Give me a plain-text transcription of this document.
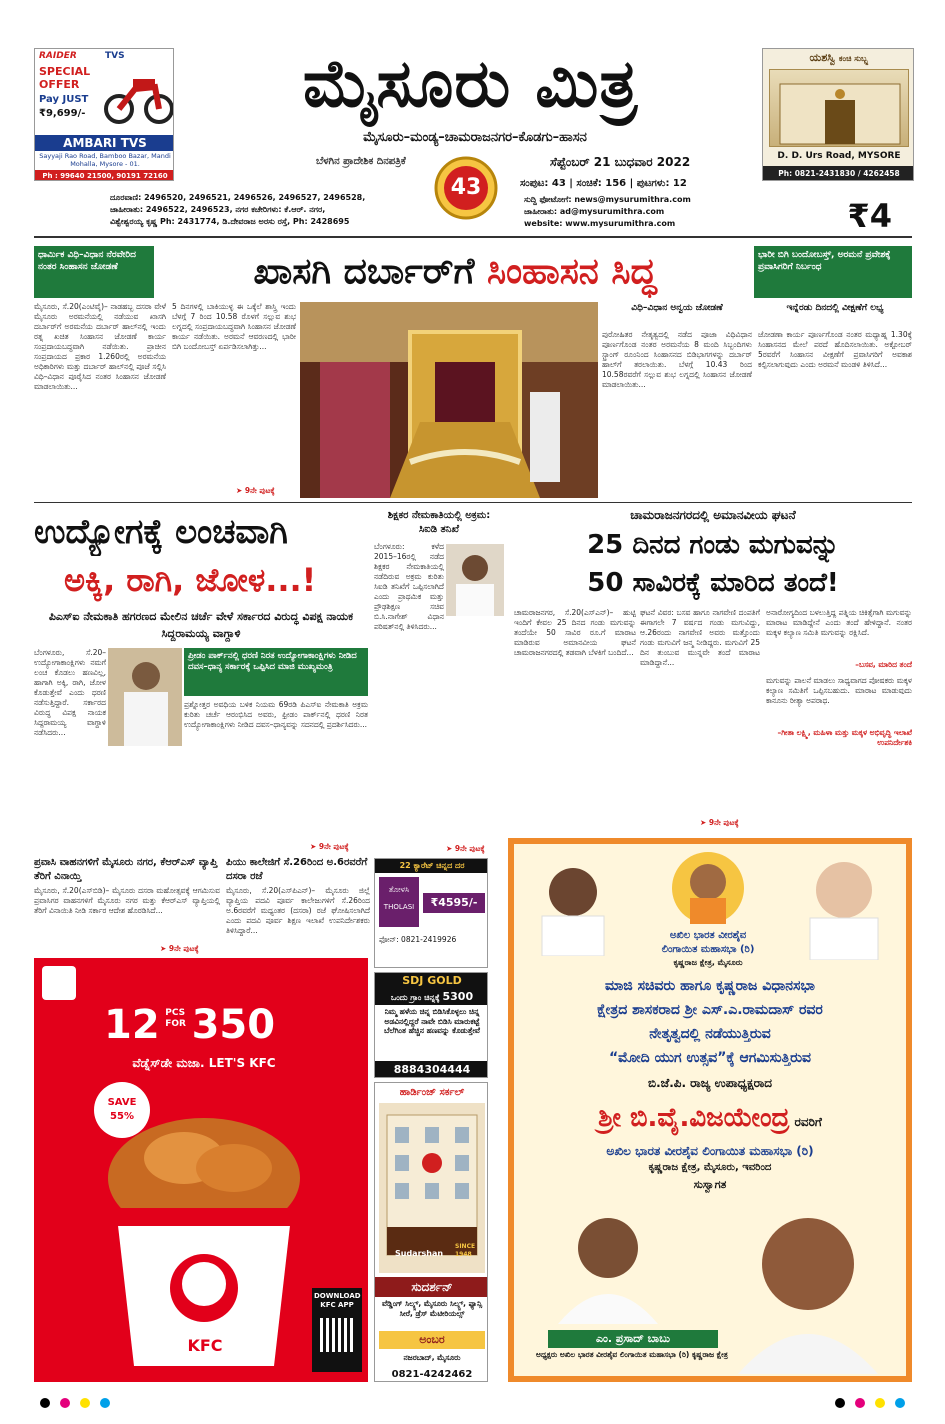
RAIDER	TVS
SPECIAL OFFER
Pay JUST
₹9,699/-
AMBARI TVS
Sayyaji Rao Road, Bamboo Bazar, Mandi Mohalla, Mysore - 01.
Ph : 99640 21500, 90191 72160
ಮೈಸೂರು ಮಿತ್ರ
ಮೈಸೂರು–ಮಂಡ್ಯ–ಚಾಮರಾಜನಗರ–ಕೊಡಗು–ಹಾಸನ
ಬೆಳಗಿನ ಪ್ರಾದೇಶಿಕ ದಿನಪತ್ರಿಕೆ
43
ಸೆಪ್ಟೆಂಬರ್ 21 ಬುಧವಾರ 2022
ಸಂಪುಟ: 43 | ಸಂಚಿಕೆ: 156 | ಪುಟಗಳು: 12
ಯಶಸ್ವಿ ಕಂಚಿ ಸುಬ್ಬ್ಲ
D. D. Urs Road, MYSORE
Ph: 0821-2431830 / 4262458
ದೂರವಾಣಿ: 2496520, 2496521, 2496526, 2496527, 2496528,
ಜಾಹೀರಾತು: 2496522, 2496523, ನಗರ ಕಚೇರಿಗಳು: ಕೆ.ಆರ್. ನಗರ,
ವಿಶ್ವೇಶ್ವರಯ್ಯ ಕೃಷ್ಣ Ph: 2431774, ಡಿ.ದೇವರಾಜ ಅರಸು ರಸ್ತೆ, Ph: 2428695
ಸುದ್ದಿ ಫೋಟೋಗೆ: news@mysurumithra.com
ಜಾಹೀರಾತು: ad@mysurumithra.com
website: www.mysurumithra.com	₹4
ಧಾರ್ಮಿಕ ವಿಧಿ–ವಿಧಾನ ನೆರವೇರಿದ ನಂತರ ಸಿಂಹಾಸನ ಜೋಡಣೆ	ಖಾಸಗಿ ದರ್ಬಾರ್‌ಗೆ ಸಿಂಹಾಸನ ಸಿದ್ಧ	ಭಾರೀ ಬಿಗಿ ಬಂದೋಬಸ್ತ್, ಅರಮನೆ ಪ್ರವೇಶಕ್ಕೆ ಪ್ರವಾಸಿಗರಿಗೆ ನಿರ್ಬಂಧ
ಮೈಸೂರು, ಸೆ.20(ಎಂಟಿವೈ)– ನಾಡಹಬ್ಬ ದಸರಾ ವೇಳೆ ಮೈಸೂರು ಅರಮನೆಯಲ್ಲಿ ನಡೆಯುವ ಖಾಸಗಿ ದರ್ಬಾರ್‌ಗೆ ಅರಮನೆಯ ದರ್ಬಾರ್ ಹಾಲ್‌ನಲ್ಲಿ ಇಂದು ರತ್ನ ಖಚಿತ ಸಿಂಹಾಸನ ಜೋಡಣೆ ಕಾರ್ಯ ಸಂಪ್ರದಾಯಬದ್ಧವಾಗಿ ನಡೆಯಿತು. ಪ್ರಾಚೀನ ಸಂಪ್ರದಾಯದ ಪ್ರಕಾರ 1.260ರಲ್ಲಿ ಅರಮನೆಯ ಅಧಿಕಾರಿಗಳು ಮತ್ತು ದರ್ಬಾರ್ ಹಾಲ್‌ನಲ್ಲಿ ಪೂಜೆ ಸಲ್ಲಿಸಿ ವಿಧಿ–ವಿಧಾನ ಪೂರೈಸಿದ ನಂತರ ಸಿಂಹಾಸನ ಜೋಡಣೆ ಮಾಡಲಾಯಿತು...
5 ದಿನಗಳಲ್ಲಿ ಬಾಕಿಯುಳ್ಳ ಈ ಒಕ್ಕೆಲೆ ಶಾಸ್ತ್ರಿ ಇಂದು ಬೆಳಗ್ಗೆ 7 ರಿಂದ 10.58 ರೊಳಗೆ ಸಲ್ಲುವ ಶುಭ ಲಗ್ನದಲ್ಲಿ ಸಂಪ್ರದಾಯಬದ್ಧವಾಗಿ ಸಿಂಹಾಸನ ಜೋಡಣೆ ಕಾರ್ಯ ನಡೆಯಿತು. ಅರಮನೆ ಆವರಣದಲ್ಲಿ ಭಾರೀ ಬಿಗಿ ಬಂದೋಬಸ್ತ್ ಏರ್ಪಡಿಸಲಾಗಿತ್ತು...
➤ 9ನೇ ಪುಟಕ್ಕೆ
ವಿಧಿ–ವಿಧಾನ ಅನ್ವಯ ಜೋಡಣೆ
ಪುರೋಹಿತರ ನೇತೃತ್ವದಲ್ಲಿ ನಡೆದ ಪೂಜಾ ವಿಧಿವಿಧಾನ ಪೂರ್ಣಗೊಂಡ ನಂತರ ಅರಮನೆಯ 8 ಮಂದಿ ಸಿಬ್ಬಂದಿಗಳು ಸ್ಟ್ರಾಂಗ್ ರೂಂನಿಂದ ಸಿಂಹಾಸನದ ಬಿಡಿಭಾಗಗಳನ್ನು ದರ್ಬಾರ್ ಹಾಲ್‌ಗೆ ತರಲಾಯಿತು. ಬೆಳಗ್ಗೆ 10.43 ರಿಂದ 10.58ರವರೆಗೆ ಸಲ್ಲುವ ಶುಭ ಲಗ್ನದಲ್ಲಿ ಸಿಂಹಾಸನ ಜೋಡಣೆ ಮಾಡಲಾಯಿತು...
ಇನ್ನೆರಡು ದಿನದಲ್ಲಿ ವೀಕ್ಷಣೆಗೆ ಲಭ್ಯ
ಜೋಡಣಾ ಕಾರ್ಯ ಪೂರ್ಣಗೊಂಡ ನಂತರ ಮಧ್ಯಾಹ್ನ 1.30ಕ್ಕೆ ಸಿಂಹಾಸನದ ಮೇಲೆ ಪರದೆ ಹೊದಿಸಲಾಯಿತು. ಅಕ್ಟೋಬರ್ 5ರವರೆಗೆ ಸಿಂಹಾಸನ ವೀಕ್ಷಣೆಗೆ ಪ್ರವಾಸಿಗರಿಗೆ ಅವಕಾಶ ಕಲ್ಪಿಸಲಾಗುವುದು ಎಂದು ಅರಮನೆ ಮಂಡಳಿ ತಿಳಿಸಿದೆ...
ಉದ್ಯೋಗಕ್ಕೆ ಲಂಚವಾಗಿ
ಅಕ್ಕಿ, ರಾಗಿ, ಜೋಳ...!
ಪಿಎಸ್‌ಐ ನೇಮಕಾತಿ ಹಗರಣದ ಮೇಲಿನ ಚರ್ಚೆ ವೇಳೆ ಸರ್ಕಾರದ ವಿರುದ್ಧ ವಿಪಕ್ಷ ನಾಯಕ ಸಿದ್ದರಾಮಯ್ಯ ವಾಗ್ದಾಳಿ
ಪ್ರೀಡಂ ಪಾರ್ಕ್‌ನಲ್ಲಿ ಧರಣಿ ನಿರತ ಉದ್ಯೋಗಾಕಾಂಕ್ಷಿಗಳು ನೀಡಿದ ದವಸ–ಧಾನ್ಯ ಸರ್ಕಾರಕ್ಕೆ ಒಪ್ಪಿಸಿದ ಮಾಜಿ ಮುಖ್ಯಮಂತ್ರಿ
ಬೆಂಗಳೂರು, ಸೆ.20– ಉದ್ಯೋಗಾಕಾಂಕ್ಷಿಗಳು ನಮಗೆ ಲಂಚ ಕೊಡಲು ಹಣವಿಲ್ಲ, ಹಾಗಾಗಿ ಅಕ್ಕಿ, ರಾಗಿ, ಜೋಳ ಕೊಡುತ್ತೇವೆ ಎಂದು ಧರಣಿ ನಡೆಸುತ್ತಿದ್ದಾರೆ. ಸರ್ಕಾರದ ವಿರುದ್ಧ ವಿಪಕ್ಷ ನಾಯಕ ಸಿದ್ದರಾಮಯ್ಯ ವಾಗ್ದಾಳಿ ನಡೆಸಿದರು...
ಪ್ರಶ್ನೋತ್ತರ ಅವಧಿಯ ಬಳಿಕ ನಿಯಮ 69ರಡಿ ಪಿಎಸ್‌ಐ ನೇಮಕಾತಿ ಅಕ್ರಮ ಕುರಿತು ಚರ್ಚೆ ಆರಂಭಿಸಿದ ಅವರು, ಫ್ರೀಡಂ ಪಾರ್ಕ್‌ನಲ್ಲಿ ಧರಣಿ ನಿರತ ಉದ್ಯೋಗಾಕಾಂಕ್ಷಿಗಳು ನೀಡಿದ ದವಸ–ಧಾನ್ಯವನ್ನು ಸದನದಲ್ಲಿ ಪ್ರದರ್ಶಿಸಿದರು...
➤ 9ನೇ ಪುಟಕ್ಕೆ
ಶಿಕ್ಷಕರ ನೇಮಕಾತಿಯಲ್ಲಿ ಅಕ್ರಮ:
ಸಿಐಡಿ ತನಿಖೆ
ಬೆಂಗಳೂರು: ಕಳೆದ 2015–16ರಲ್ಲಿ ನಡೆದ ಶಿಕ್ಷಕರ ನೇಮಕಾತಿಯಲ್ಲಿ ನಡೆದಿರುವ ಅಕ್ರಮ ಕುರಿತು ಸಿಐಡಿ ತನಿಖೆಗೆ ಒಪ್ಪಿಸಲಾಗಿದೆ ಎಂದು ಪ್ರಾಥಮಿಕ ಮತ್ತು ಪ್ರೌಢಶಿಕ್ಷಣ ಸಚಿವ ಬಿ.ಸಿ.ನಾಗೇಶ್ ವಿಧಾನ ಪರಿಷತ್‌ನಲ್ಲಿ ತಿಳಿಸಿದರು...
➤ 9ನೇ ಪುಟಕ್ಕೆ
ಚಾಮರಾಜನಗರದಲ್ಲಿ ಅಮಾನವೀಯ ಘಟನೆ
25 ದಿನದ ಗಂಡು ಮಗುವನ್ನು
50 ಸಾವಿರಕ್ಕೆ ಮಾರಿದ ತಂದೆ!
ಚಾಮರಾಜನಗರ, ಸೆ.20(ಎಸ್‌ಎನ್)– ಹುಟ್ಟಿ ಇಂದಿಗೆ ಕೇವಲ 25 ದಿನದ ಗಂಡು ಮಗುವನ್ನು ತಂದೆಯೇ 50 ಸಾವಿರ ರೂ.ಗೆ ಮಾರಾಟ ಮಾಡಿರುವ ಅಮಾನವೀಯ ಘಟನೆ ಚಾಮರಾಜನಗರದಲ್ಲಿ ತಡವಾಗಿ ಬೆಳಕಿಗೆ ಬಂದಿದೆ...
ಘಟನೆ ವಿವರ: ಬಸವ ಹಾಗೂ ನಾಗವೇಣಿ ದಂಪತಿಗೆ ಈಗಾಗಲೇ 7 ವರ್ಷದ ಗಂಡು ಮಗುವಿದ್ದು, ಆ.26ರಂದು ನಾಗವೇಣಿ ಅವರು ಮತ್ತೊಂದು ಗಂಡು ಮಗುವಿಗೆ ಜನ್ಮ ನೀಡಿದ್ದರು. ಮಗುವಿಗೆ 25 ದಿನ ತುಂಬುವ ಮುನ್ನವೇ ತಂದೆ ಮಾರಾಟ ಮಾಡಿದ್ದಾನೆ...
➤ 9ನೇ ಪುಟಕ್ಕೆ
ಅನಾರೋಗ್ಯದಿಂದ ಬಳಲುತ್ತಿದ್ದ ಪತ್ನಿಯ ಚಿಕಿತ್ಸೆಗಾಗಿ ಮಗುವನ್ನು ಮಾರಾಟ ಮಾಡಿದ್ದೇನೆ ಎಂದು ತಂದೆ ಹೇಳಿದ್ದಾನೆ. ನಂತರ ಮಕ್ಕಳ ಕಲ್ಯಾಣ ಸಮಿತಿ ಮಗುವನ್ನು ರಕ್ಷಿಸಿದೆ.
–ಬಸವ, ಮಾರಿದ ತಂದೆ
ಮಗುವನ್ನು ಪಾಲನೆ ಮಾಡಲು ಸಾಧ್ಯವಾಗದ ಪೋಷಕರು ಮಕ್ಕಳ ಕಲ್ಯಾಣ ಸಮಿತಿಗೆ ಒಪ್ಪಿಸಬಹುದು. ಮಾರಾಟ ಮಾಡುವುದು ಕಾನೂನು ರೀತ್ಯಾ ಅಪರಾಧ.
–ಗೀತಾ ಲಕ್ಷ್ಮಿ, ಮಹಿಳಾ ಮತ್ತು ಮಕ್ಕಳ ಅಭಿವೃದ್ಧಿ ಇಲಾಖೆ ಉಪನಿರ್ದೇಶಕಿ
ಪ್ರವಾಸಿ ವಾಹನಗಳಿಗೆ ಮೈಸೂರು ನಗರ, ಕೆಆರ್‌ಎಸ್ ವ್ಯಾಪ್ತಿ ತೆರಿಗೆ ವಿನಾಯ್ತಿ
ಮೈಸೂರು, ಸೆ.20(ಎಸ್‌ಬಿಡಿ)– ಮೈಸೂರು ದಸರಾ ಮಹೋತ್ಸವಕ್ಕೆ ಆಗಮಿಸುವ ಪ್ರವಾಸಿಗರ ವಾಹನಗಳಿಗೆ ಮೈಸೂರು ನಗರ ಮತ್ತು ಕೆಆರ್‌ಎಸ್ ವ್ಯಾಪ್ತಿಯಲ್ಲಿ ತೆರಿಗೆ ವಿನಾಯಿತಿ ನೀಡಿ ಸರ್ಕಾರ ಆದೇಶ ಹೊರಡಿಸಿದೆ...
➤ 9ನೇ ಪುಟಕ್ಕೆ
ಪಿಯು ಕಾಲೇಜಿಗೆ ಸೆ.26ರಿಂದ ಅ.6ರವರೆಗೆ ದಸರಾ ರಜೆ
ಮೈಸೂರು, ಸೆ.20(ಎಸ್‌ಪಿಎನ್)– ಮೈಸೂರು ಜಿಲ್ಲೆ ವ್ಯಾಪ್ತಿಯ ಪದವಿ ಪೂರ್ವ ಕಾಲೇಜುಗಳಿಗೆ ಸೆ.26ರಿಂದ ಅ.6ರವರೆಗೆ ಮಧ್ಯಂತರ (ದಸರಾ) ರಜೆ ಘೋಷಿಸಲಾಗಿದೆ ಎಂದು ಪದವಿ ಪೂರ್ವ ಶಿಕ್ಷಣ ಇಲಾಖೆ ಉಪನಿರ್ದೇಶಕರು ತಿಳಿಸಿದ್ದಾರೆ...
22 ಕ್ಯಾರೆಟ್ ಚಿನ್ನದ ದರ
ತೋಳಸಿ
THOLASI	₹4595/-
ಫೋನ್: 0821-2419926
SDJ GOLD
ಒಂದು ಗ್ರಾಂ ಚಿನ್ನಕ್ಕೆ 5300
ನಿಮ್ಮ ಹಳೆಯ ಚಿನ್ನ ಬಿಡಿಸಿಕೊಳ್ಳಲು ಚಿನ್ನ ಅಡವಿನಲ್ಲಿದ್ದರೆ ನಾವೇ ಬಿಡಿಸಿ ಮಾರುಕಟ್ಟೆ ಬೆಲೆಗಿಂತ ಹೆಚ್ಚಿನ ಹಣವನ್ನು ಕೊಡುತ್ತೇವೆ
8884304444
ಹಾರ್ಡಿಂಜ್ ಸರ್ಕಲ್
Sudarshan
SINCE 1948
ಸುದರ್ಶನ್
ವೆಡ್ಡಿಂಗ್ ಸಿಲ್ಕ್ಸ್, ಮೈಸೂರು ಸಿಲ್ಕ್ಸ್, ಫ್ಯಾನ್ಸಿ ಸೀರೆ, ಡ್ರೆಸ್ ಮೆಟೀರಿಯಲ್ಸ್
ಅಂಬರ
ನಜರಬಾದ್, ಮೈಸೂರು
0821-4242462
12 PCS
FOR 350
ವೆಡ್ನೆಸ್‌ಡೇ ಮಜಾ. LET'S KFC
SAVE 55%
KFC
DOWNLOAD KFC APP
ಅಖಿಲ ಭಾರತ ವೀರಶೈವ
ಲಿಂಗಾಯಿತ ಮಹಾಸಭಾ (ರಿ)
ಕೃಷ್ಣರಾಜ ಕ್ಷೇತ್ರ, ಮೈಸೂರು
ಮಾಜಿ ಸಚಿವರು ಹಾಗೂ ಕೃಷ್ಣರಾಜ ವಿಧಾನಸಭಾ
ಕ್ಷೇತ್ರದ ಶಾಸಕರಾದ ಶ್ರೀ ಎಸ್.ಎ.ರಾಮದಾಸ್ ರವರ
ನೇತೃತ್ವದಲ್ಲಿ ನಡೆಯುತ್ತಿರುವ
“ಮೋದಿ ಯುಗ ಉತ್ಸವ”ಕ್ಕೆ ಆಗಮಿಸುತ್ತಿರುವ
ಬಿ.ಜೆ.ಪಿ. ರಾಜ್ಯ ಉಪಾಧ್ಯಕ್ಷರಾದ
ಶ್ರೀ ಬಿ.ವೈ.ವಿಜಯೇಂದ್ರ ರವರಿಗೆ
ಅಖಿಲ ಭಾರತ ವೀರಶೈವ ಲಿಂಗಾಯಿತ ಮಹಾಸಭಾ (ರಿ)
ಕೃಷ್ಣರಾಜ ಕ್ಷೇತ್ರ, ಮೈಸೂರು, ಇವರಿಂದ
ಸುಸ್ವಾಗತ
ಎಂ. ಪ್ರಸಾದ್ ಬಾಬು
ಅಧ್ಯಕ್ಷರು ಅಖಿಲ ಭಾರತ ವೀರಶೈವ ಲಿಂಗಾಯಿತ ಮಹಾಸಭಾ (ರಿ) ಕೃಷ್ಣರಾಜ ಕ್ಷೇತ್ರ
